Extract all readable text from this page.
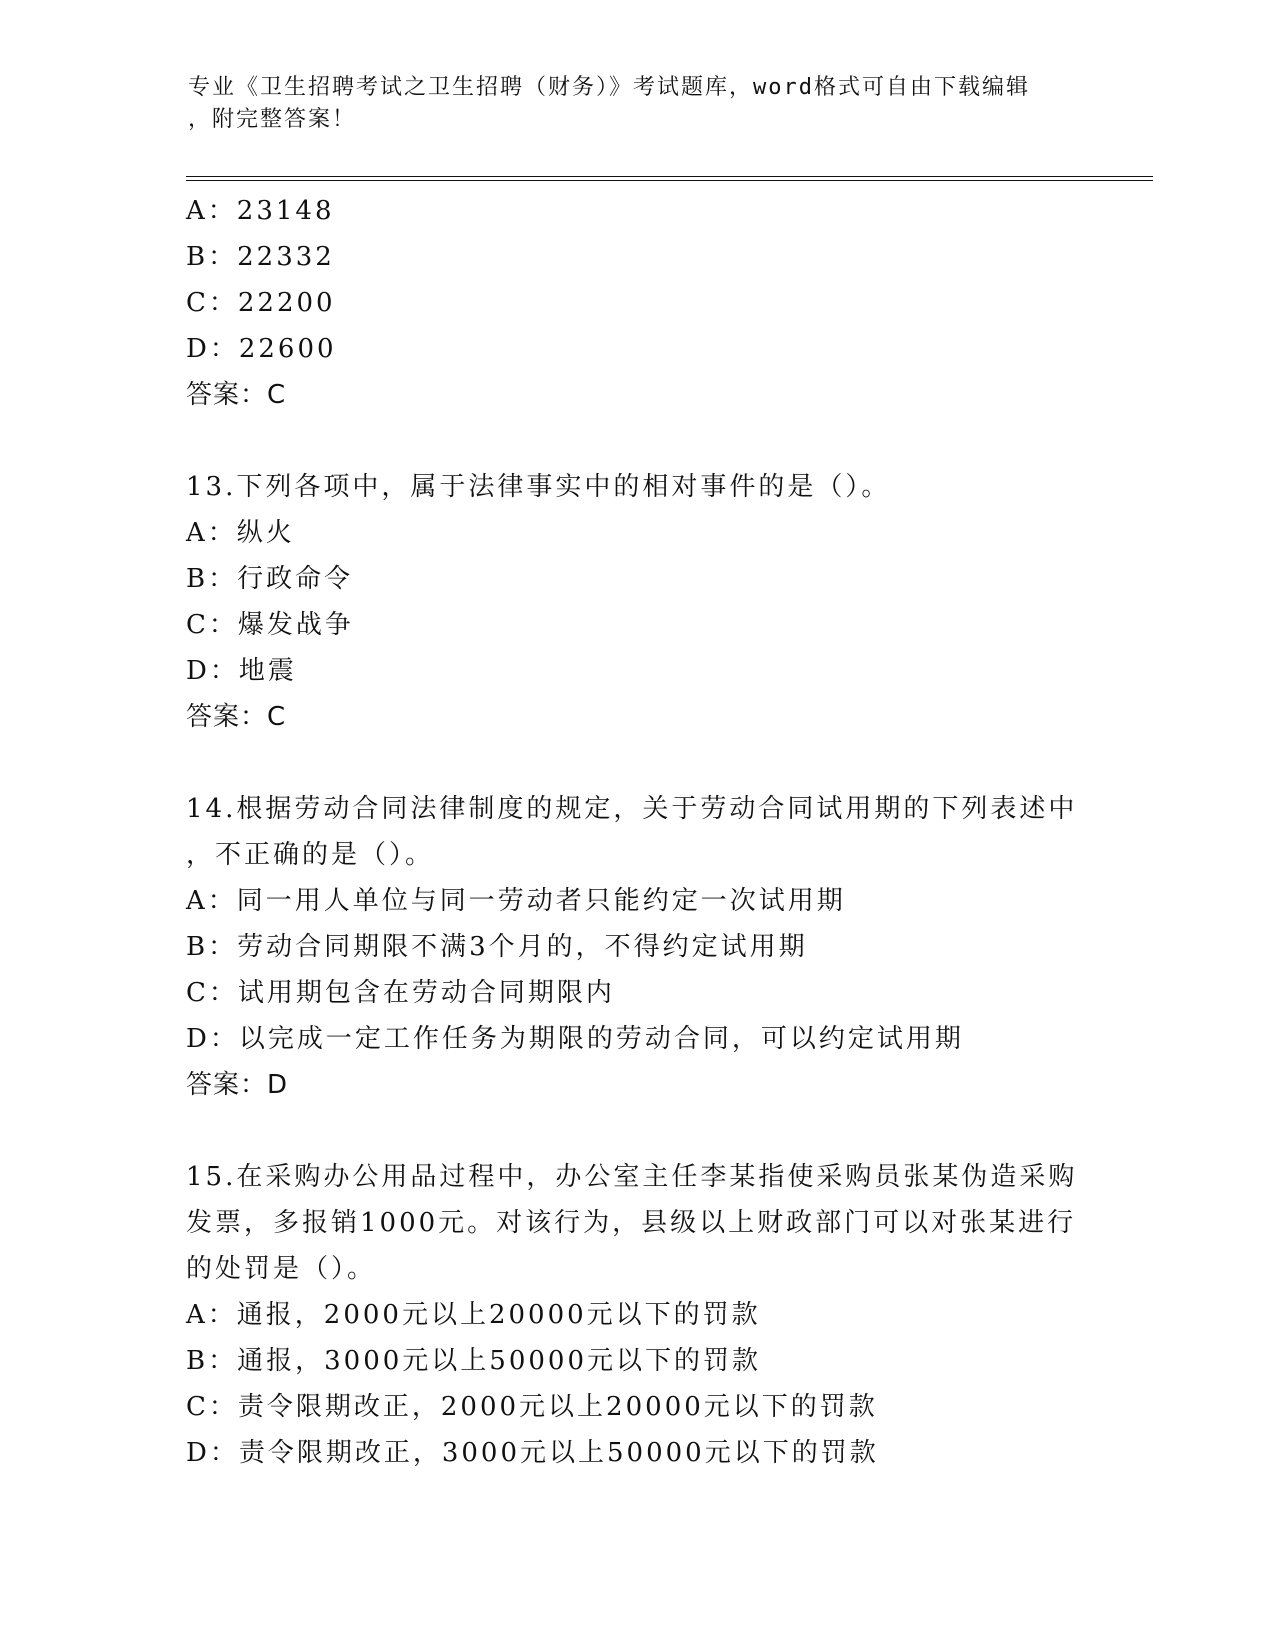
专业《卫生招聘考试之卫生招聘（财务）》考试题库，word格式可自由下载编辑
，附完整答案！
A：23148
B：22332
C：22200
D：22600
答案：C
13.下列各项中，属于法律事实中的相对事件的是（）。
A：纵火
B：行政命令
C：爆发战争
D：地震
答案：C
14.根据劳动合同法律制度的规定，关于劳动合同试用期的下列表述中
，不正确的是（）。
A：同一用人单位与同一劳动者只能约定一次试用期
B：劳动合同期限不满3个月的，不得约定试用期
C：试用期包含在劳动合同期限内
D：以完成一定工作任务为期限的劳动合同，可以约定试用期
答案：D
15.在采购办公用品过程中，办公室主任李某指使采购员张某伪造采购
发票，多报销1000元。对该行为，县级以上财政部门可以对张某进行
的处罚是（）。
A：通报，2000元以上20000元以下的罚款
B：通报，3000元以上50000元以下的罚款
C：责令限期改正，2000元以上20000元以下的罚款
D：责令限期改正，3000元以上50000元以下的罚款
